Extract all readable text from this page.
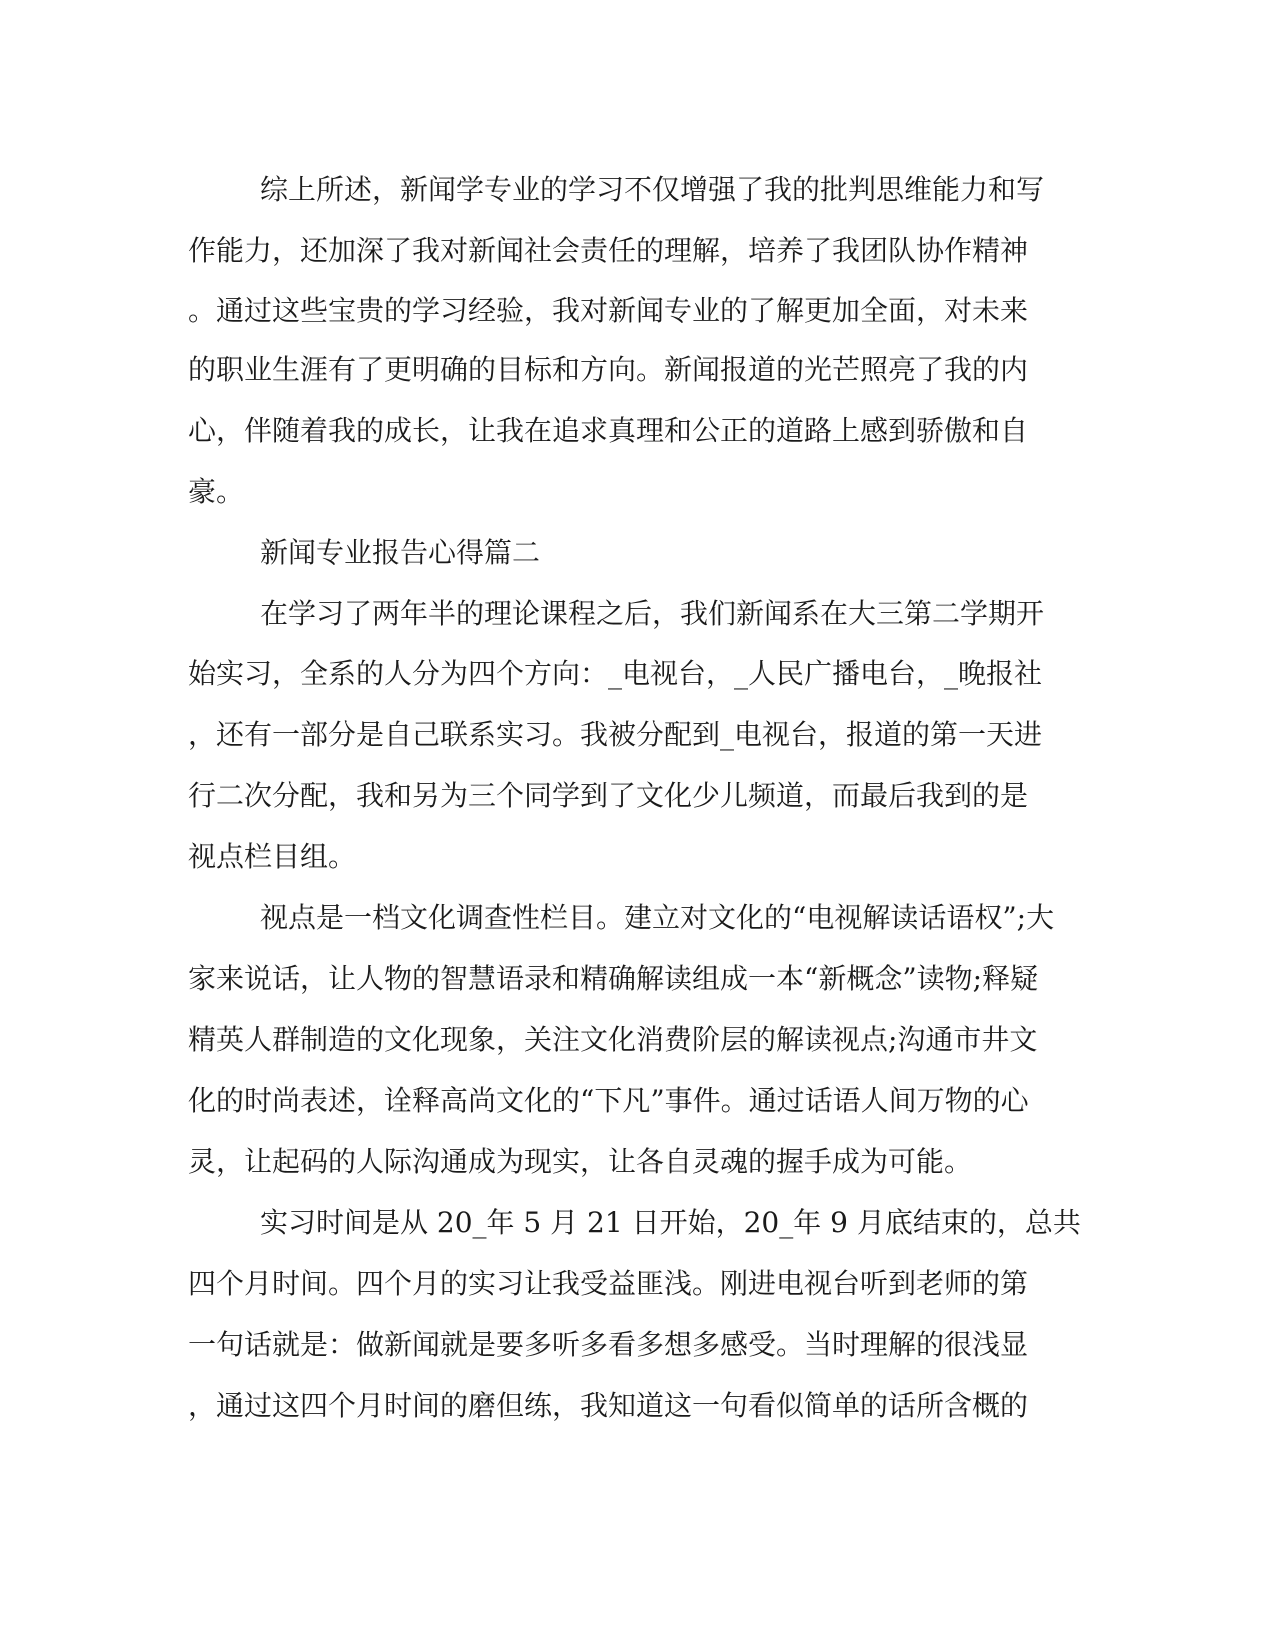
综上所述，新闻学专业的学习不仅增强了我的批判思维能力和写
作能力，还加深了我对新闻社会责任的理解，培养了我团队协作精神
。通过这些宝贵的学习经验，我对新闻专业的了解更加全面，对未来
的职业生涯有了更明确的目标和方向。新闻报道的光芒照亮了我的内
心，伴随着我的成长，让我在追求真理和公正的道路上感到骄傲和自
豪。
新闻专业报告心得篇二
在学习了两年半的理论课程之后，我们新闻系在大三第二学期开
始实习，全系的人分为四个方向：_电视台，_人民广播电台，_晚报社
，还有一部分是自己联系实习。我被分配到_电视台，报道的第一天进
行二次分配，我和另为三个同学到了文化少儿频道，而最后我到的是
视点栏目组。
视点是一档文化调查性栏目。建立对文化的“电视解读话语权”;大
家来说话，让人物的智慧语录和精确解读组成一本“新概念”读物;释疑
精英人群制造的文化现象，关注文化消费阶层的解读视点;沟通市井文
化的时尚表述，诠释高尚文化的“下凡”事件。通过话语人间万物的心
灵，让起码的人际沟通成为现实，让各自灵魂的握手成为可能。
实习时间是从 20_年 5 月 21 日开始，20_年 9 月底结束的，总共
四个月时间。四个月的实习让我受益匪浅。刚进电视台听到老师的第
一句话就是：做新闻就是要多听多看多想多感受。当时理解的很浅显
，通过这四个月时间的磨但练，我知道这一句看似简单的话所含概的
